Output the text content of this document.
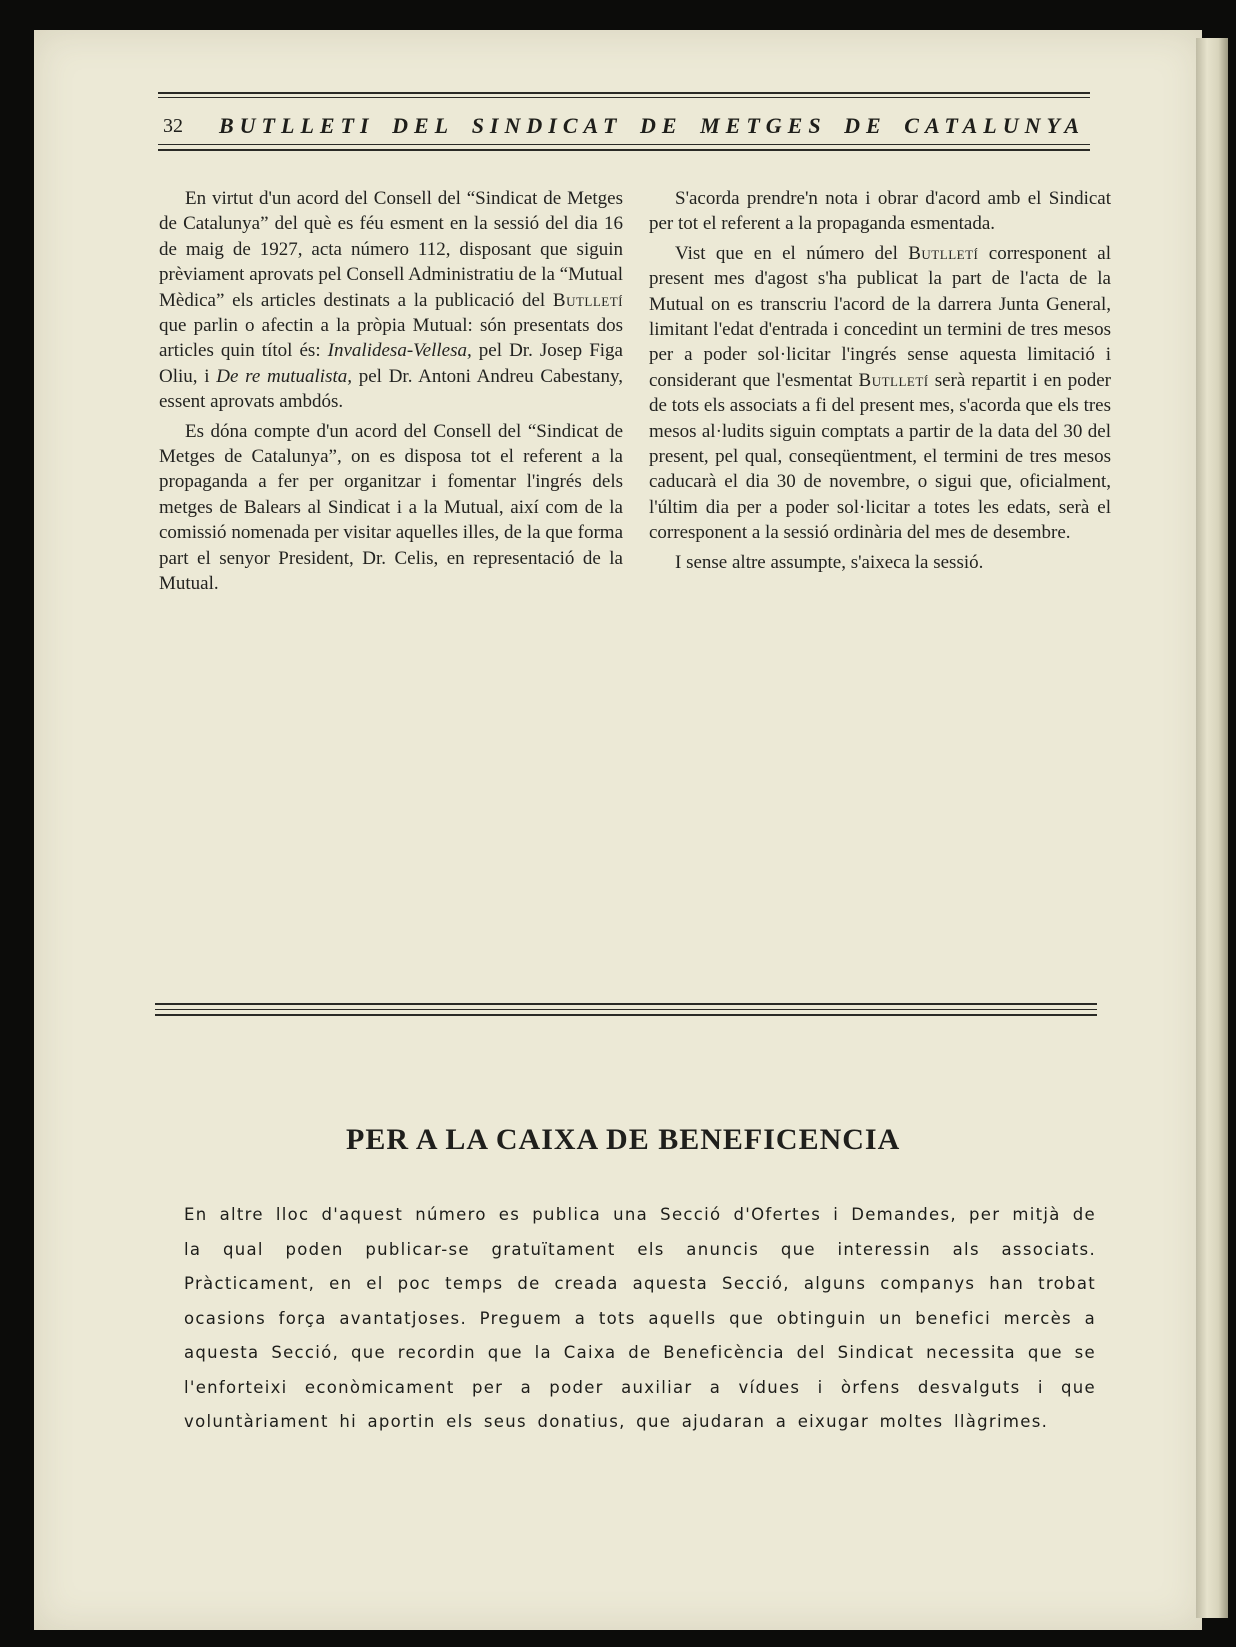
32 BUTLLETI DEL SINDICAT DE METGES DE CATALUNYA

En virtut d'un acord del Consell del “Sindicat de Metges de Catalunya” del què es féu esment en la sessió del dia 16 de maig de 1927, acta número 112, disposant que siguin prèviament aprovats pel Consell Administratiu de la “Mutual Mèdica” els articles destinats a la publicació del Butlletí que parlin o afectin a la pròpia Mutual: són presentats dos articles quin títol és: Invalidesa-Vellesa, pel Dr. Josep Figa Oliu, i De re mutualista, pel Dr. Antoni Andreu Cabestany, essent aprovats ambdós.

Es dóna compte d'un acord del Consell del “Sindicat de Metges de Catalunya”, on es disposa tot el referent a la propaganda a fer per organitzar i fomentar l'ingrés dels metges de Balears al Sindicat i a la Mutual, així com de la comissió nomenada per visitar aquelles illes, de la que forma part el senyor President, Dr. Celis, en representació de la Mutual.

S'acorda prendre'n nota i obrar d'acord amb el Sindicat per tot el referent a la propaganda esmentada.

Vist que en el número del Butlletí corresponent al present mes d'agost s'ha publicat la part de l'acta de la Mutual on es transcriu l'acord de la darrera Junta General, limitant l'edat d'entrada i concedint un termini de tres mesos per a poder sol·licitar l'ingrés sense aquesta limitació i considerant que l'esmentat Butlletí serà repartit i en poder de tots els associats a fi del present mes, s'acorda que els tres mesos al·ludits siguin comptats a partir de la data del 30 del present, pel qual, conseqüentment, el termini de tres mesos caducarà el dia 30 de novembre, o sigui que, oficialment, l'últim dia per a poder sol·licitar a totes les edats, serà el corresponent a la sessió ordinària del mes de desembre.

I sense altre assumpte, s'aixeca la sessió.

PER A LA CAIXA DE BENEFICENCIA

En altre lloc d'aquest número es publica una Secció d'Ofertes i Demandes, per mitjà de la qual poden publicar-se gratuïtament els anuncis que interessin als associats. Pràcticament, en el poc temps de creada aquesta Secció, alguns companys han trobat ocasions força avantatjoses. Preguem a tots aquells que obtinguin un benefici mercès a aquesta Secció, que recordin que la Caixa de Beneficència del Sindicat necessita que se l'enforteixi econòmicament per a poder auxiliar a vídues i òrfens desvalguts i que voluntàriament hi aportin els seus donatius, que ajudaran a eixugar moltes llàgrimes.
